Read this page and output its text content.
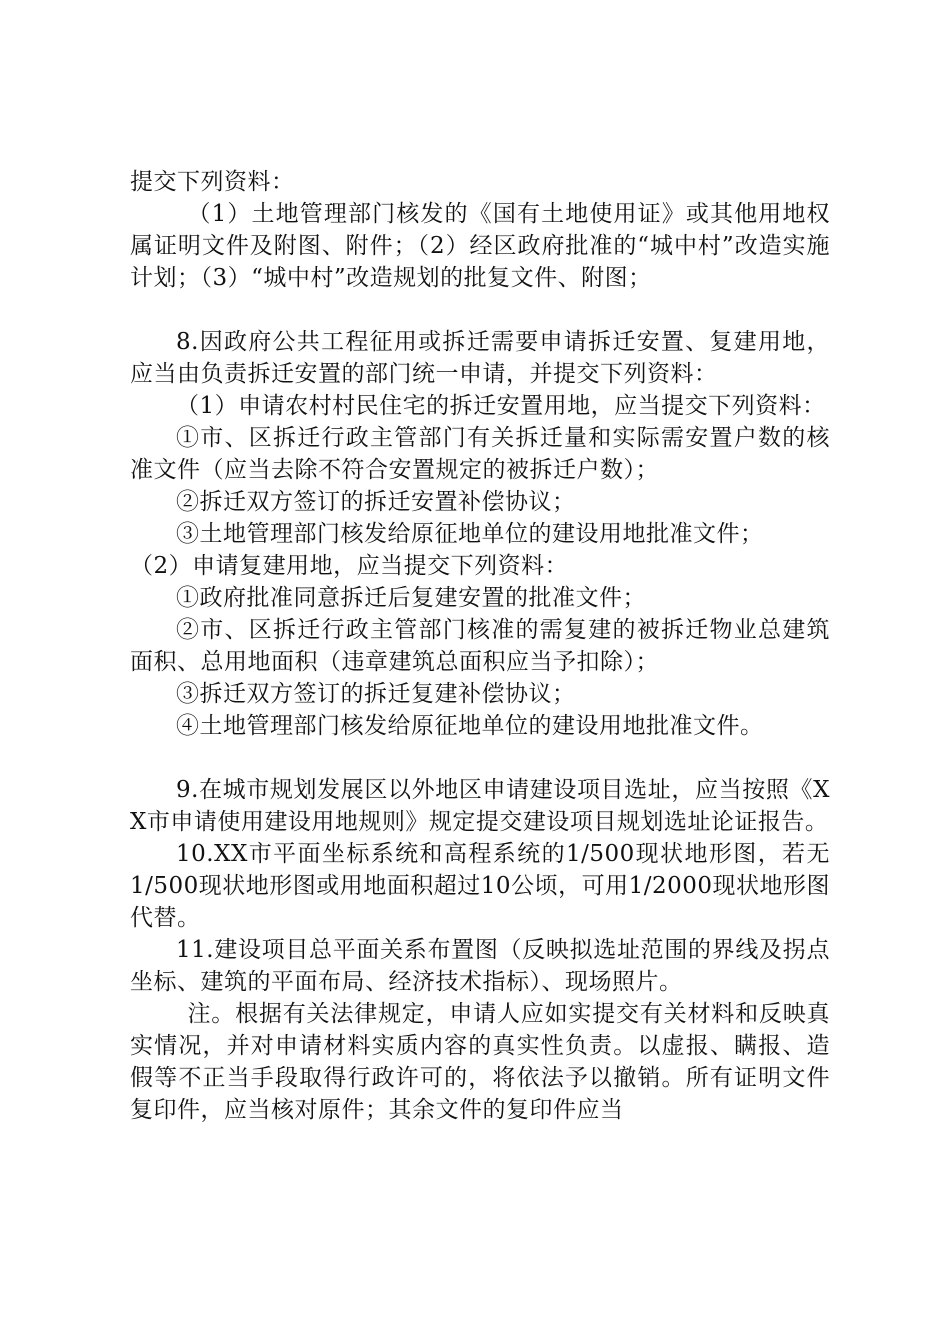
提交下列资料：

（1）土地管理部门核发的《国有土地使用证》或其他用地权属证明文件及附图、附件；（2）经区政府批准的“城中村”改造实施计划；（3）“城中村”改造规划的批复文件、附图；

8.因政府公共工程征用或拆迁需要申请拆迁安置、复建用地，应当由负责拆迁安置的部门统一申请，并提交下列资料：

（1）申请农村村民住宅的拆迁安置用地，应当提交下列资料：

①市、区拆迁行政主管部门有关拆迁量和实际需安置户数的核准文件（应当去除不符合安置规定的被拆迁户数）；

②拆迁双方签订的拆迁安置补偿协议；

③土地管理部门核发给原征地单位的建设用地批准文件；

（2）申请复建用地，应当提交下列资料：

①政府批准同意拆迁后复建安置的批准文件；

②市、区拆迁行政主管部门核准的需复建的被拆迁物业总建筑面积、总用地面积（违章建筑总面积应当予扣除）；

③拆迁双方签订的拆迁复建补偿协议；

④土地管理部门核发给原征地单位的建设用地批准文件。

9.在城市规划发展区以外地区申请建设项目选址，应当按照《XX市申请使用建设用地规则》规定提交建设项目规划选址论证报告。

10.XX市平面坐标系统和高程系统的1/500现状地形图，若无1/500现状地形图或用地面积超过10公顷，可用1/2000现状地形图代替。

11.建设项目总平面关系布置图（反映拟选址范围的界线及拐点坐标、建筑的平面布局、经济技术指标）、现场照片。

注。根据有关法律规定，申请人应如实提交有关材料和反映真实情况，并对申请材料实质内容的真实性负责。以虚报、瞒报、造假等不正当手段取得行政许可的，将依法予以撤销。所有证明文件复印件，应当核对原件；其余文件的复印件应当
